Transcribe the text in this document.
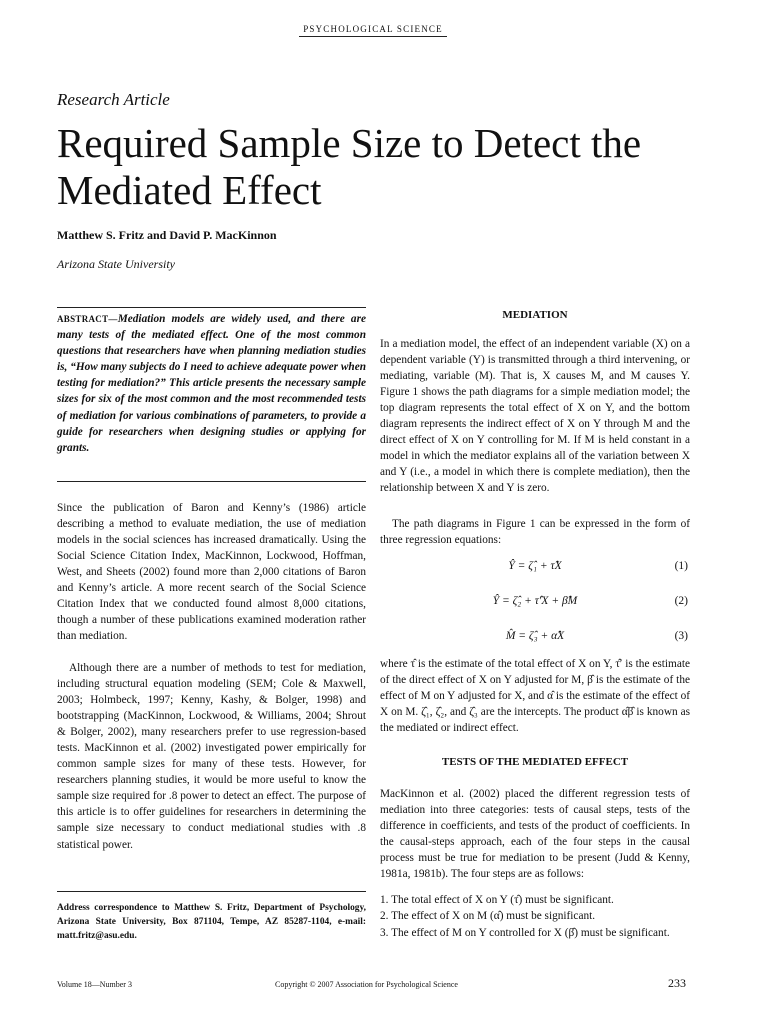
PSYCHOLOGICAL SCIENCE
Research Article
Required Sample Size to Detect the Mediated Effect
Matthew S. Fritz and David P. MacKinnon
Arizona State University
ABSTRACT—Mediation models are widely used, and there are many tests of the mediated effect. One of the most common questions that researchers have when planning mediation studies is, “How many subjects do I need to achieve adequate power when testing for mediation?” This article presents the necessary sample sizes for six of the most common and the most recommended tests of mediation for various combinations of parameters, to provide a guide for researchers when designing studies or applying for grants.
Since the publication of Baron and Kenny’s (1986) article describing a method to evaluate mediation, the use of mediation models in the social sciences has increased dramatically. Using the Social Science Citation Index, MacKinnon, Lockwood, Hoffman, West, and Sheets (2002) found more than 2,000 citations of Baron and Kenny’s article. A more recent search of the Social Science Citation Index that we conducted found almost 8,000 citations, though a number of these publications examined moderation rather than mediation.
Although there are a number of methods to test for mediation, including structural equation modeling (SEM; Cole & Maxwell, 2003; Holmbeck, 1997; Kenny, Kashy, & Bolger, 1998) and bootstrapping (MacKinnon, Lockwood, & Williams, 2004; Shrout & Bolger, 2002), many researchers prefer to use regression-based tests. MacKinnon et al. (2002) investigated power empirically for common sample sizes for many of these tests. However, for researchers planning studies, it would be more useful to know the sample size required for .8 power to detect an effect. The purpose of this article is to offer guidelines for researchers in determining the sample size necessary to conduct mediational studies with .8 statistical power.
Address correspondence to Matthew S. Fritz, Department of Psychology, Arizona State University, Box 871104, Tempe, AZ 85287-1104, e-mail: matt.fritz@asu.edu.
MEDIATION
In a mediation model, the effect of an independent variable (X) on a dependent variable (Y) is transmitted through a third intervening, or mediating, variable (M). That is, X causes M, and M causes Y. Figure 1 shows the path diagrams for a simple mediation model; the top diagram represents the total effect of X on Y, and the bottom diagram represents the indirect effect of X on Y through M and the direct effect of X on Y controlling for M. If M is held constant in a model in which the mediator explains all of the variation between X and Y (i.e., a model in which there is complete mediation), then the relationship between X and Y is zero.
The path diagrams in Figure 1 can be expressed in the form of three regression equations:
Ŷ = ζ̂₁ + τ̂X	(1)
Ŷ = ζ̂₂ + τ̂′X + β̂M	(2)
M̂ = ζ̂₃ + α̂X	(3)
where τ̂ is the estimate of the total effect of X on Y, τ̂′ is the estimate of the direct effect of X on Y adjusted for M, β̂ is the estimate of the effect of M on Y adjusted for X, and α̂ is the estimate of the effect of X on M. ζ̂₁, ζ̂₂, and ζ̂₃ are the intercepts. The product α̂β̂ is known as the mediated or indirect effect.
TESTS OF THE MEDIATED EFFECT
MacKinnon et al. (2002) placed the different regression tests of mediation into three categories: tests of causal steps, tests of the difference in coefficients, and tests of the product of coefficients. In the causal-steps approach, each of the four steps in the causal process must be true for mediation to be present (Judd & Kenny, 1981a, 1981b). The four steps are as follows:
1. The total effect of X on Y (τ̂) must be significant.
2. The effect of X on M (α̂) must be significant.
3. The effect of M on Y controlled for X (β̂) must be significant.
Volume 18—Number 3	Copyright © 2007 Association for Psychological Science	233
